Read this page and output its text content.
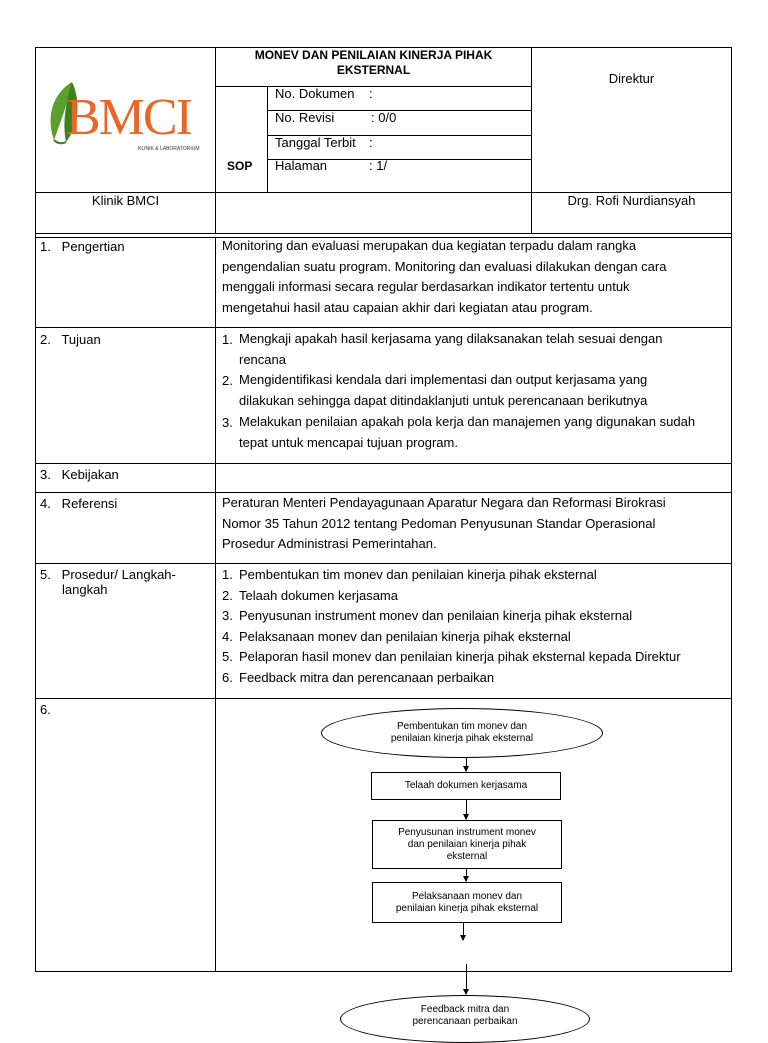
BMCI
KLINIK & LABORATORIUM
MONEV DAN PENILAIAN KINERJA PIHAK
EKSTERNAL
Direktur
SOP
No. Dokumen :
No. Revisi	: 0/0
Tanggal Terbit :
Halaman	: 1/
Klinik BMCI	Drg. Rofi Nurdiansyah
1.   Pengertian	Monitoring dan evaluasi merupakan dua kegiatan terpadu dalam rangka
pengendalian suatu program. Monitoring dan evaluasi dilakukan dengan cara
menggali informasi secara regular berdasarkan indikator tertentu untuk
mengetahui hasil atau capaian akhir dari kegiatan atau program.
2.   Tujuan	1. Mengkaji apakah hasil kerjasama yang dilaksanakan telah sesuai dengan
rencana
2. Mengidentifikasi kendala dari implementasi dan output kerjasama yang
dilakukan sehingga dapat ditindaklanjuti untuk perencanaan berikutnya
3. Melakukan penilaian apakah pola kerja dan manajemen yang digunakan sudah
tepat untuk mencapai tujuan program.
3.   Kebijakan
4.   Referensi	Peraturan Menteri Pendayagunaan Aparatur Negara dan Reformasi Birokrasi
Nomor 35 Tahun 2012 tentang Pedoman Penyusunan Standar Operasional
Prosedur Administrasi Pemerintahan.
5.   Prosedur/ Langkah-
langkah
1. Pembentukan tim monev dan penilaian kinerja pihak eksternal
2. Telaah dokumen kerjasama
3. Penyusunan instrument monev dan penilaian kinerja pihak eksternal
4. Pelaksanaan monev dan penilaian kinerja pihak eksternal
5. Pelaporan hasil monev dan penilaian kinerja pihak eksternal kepada Direktur
6. Feedback mitra dan perencanaan perbaikan
6.
Pembentukan tim monev dan
penilaian kinerja pihak eksternal
Telaah dokumen kerjasama
Penyusunan instrument monev
dan penilaian kinerja pihak
eksternal
Pelaksanaan monev dan
penilaian kinerja pihak eksternal
Feedback mitra dan
perencanaan perbaikan
